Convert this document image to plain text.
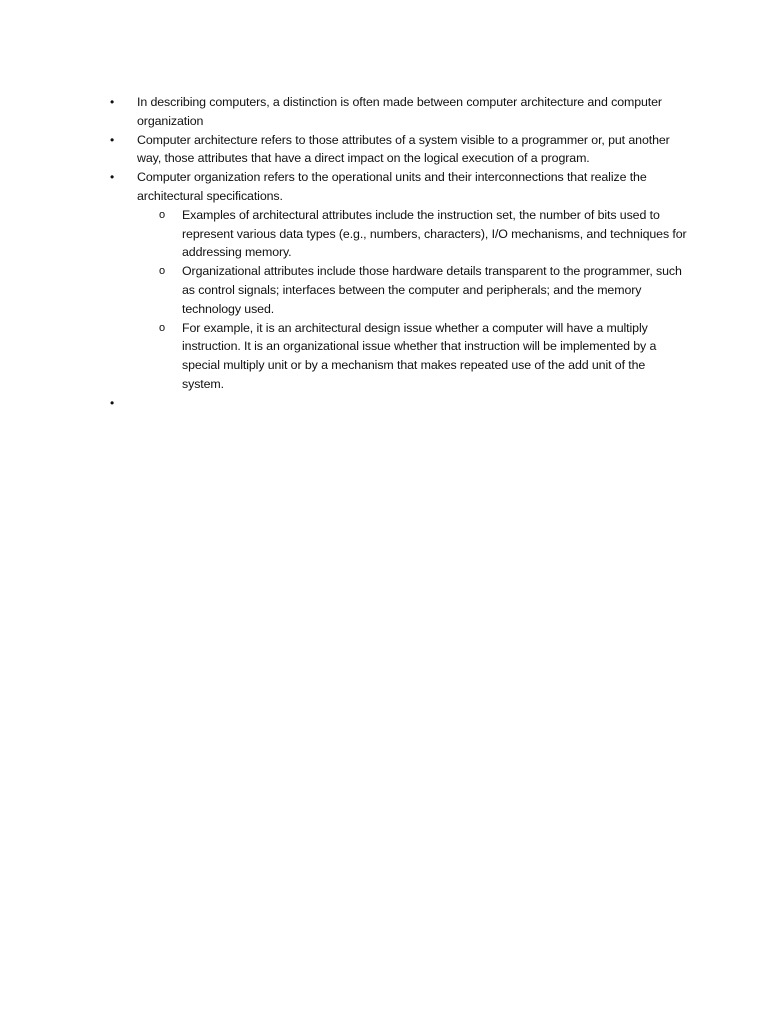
• In describing computers, a distinction is often made between computer architecture and computer organization
• Computer architecture refers to those attributes of a system visible to a programmer or, put another way, those attributes that have a direct impact on the logical execution of a program.
• Computer organization refers to the operational units and their interconnections that realize the architectural specifications.
o Examples of architectural attributes include the instruction set, the number of bits used to represent various data types (e.g., numbers, characters), I/O mechanisms, and techniques for addressing memory.
o Organizational attributes include those hardware details transparent to the programmer, such as control signals; interfaces between the computer and peripherals; and the memory technology used.
o For example, it is an architectural design issue whether a computer will have a multiply instruction. It is an organizational issue whether that instruction will be implemented by a special multiply unit or by a mechanism that makes repeated use of the add unit of the system.
•
